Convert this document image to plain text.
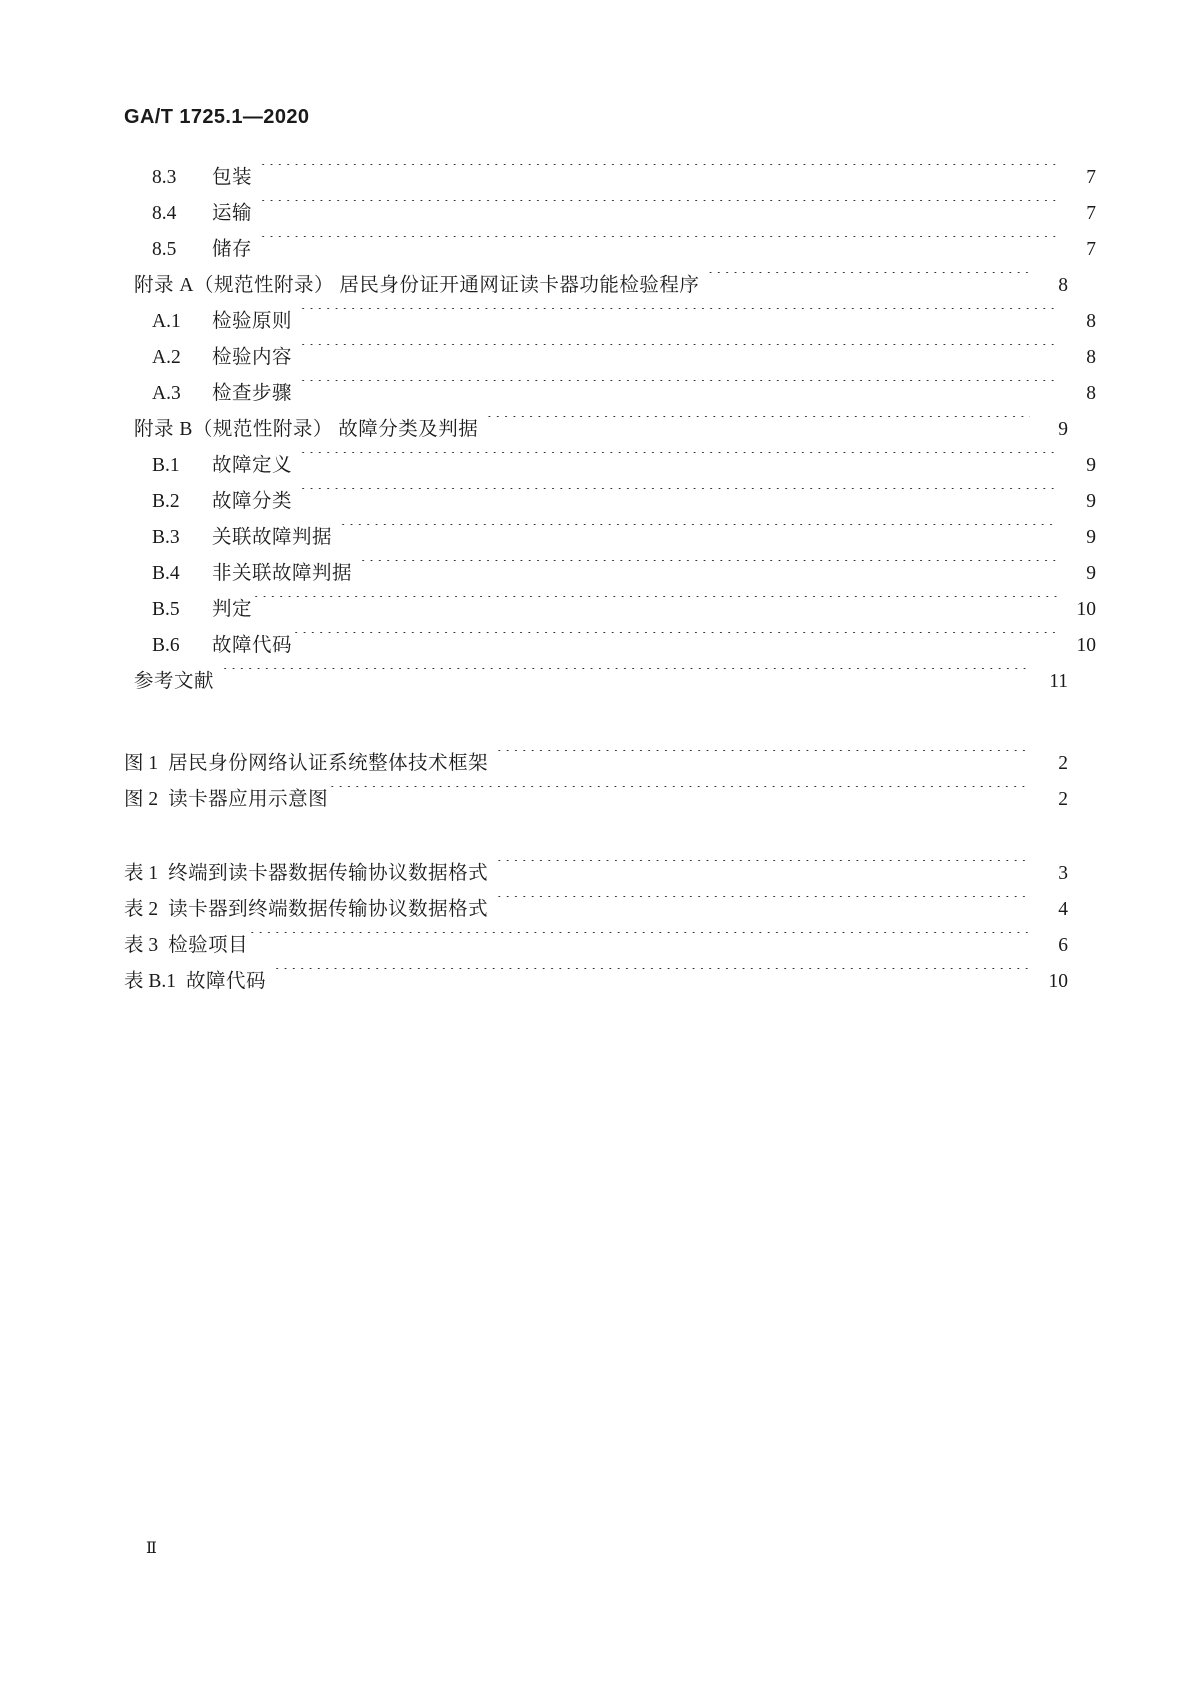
GA/T 1725.1—2020
8.3	包装 ·····	7
8.4	运输 ·····	7
8.5	储存 ·····	7
附录 A（规范性附录） 居民身份证开通网证读卡器功能检验程序 ·····	8
A.1	检验原则 ·····	8
A.2	检验内容 ·····	8
A.3	检查步骤 ·····	8
附录 B（规范性附录） 故障分类及判据 ·····	9
B.1	故障定义 ·····	9
B.2	故障分类 ·····	9
B.3	关联故障判据 ·····	9
B.4	非关联故障判据 ·····	9
B.5	判定 ·····	10
B.6	故障代码 ·····	10
参考文献 ·····	11
图 1 居民身份网络认证系统整体技术框架 ·····	2
图 2 读卡器应用示意图 ·····	2
表 1 终端到读卡器数据传输协议数据格式 ·····	3
表 2 读卡器到终端数据传输协议数据格式 ·····	4
表 3 检验项目 ·····	6
表 B.1 故障代码 ·····	10
Ⅱ
